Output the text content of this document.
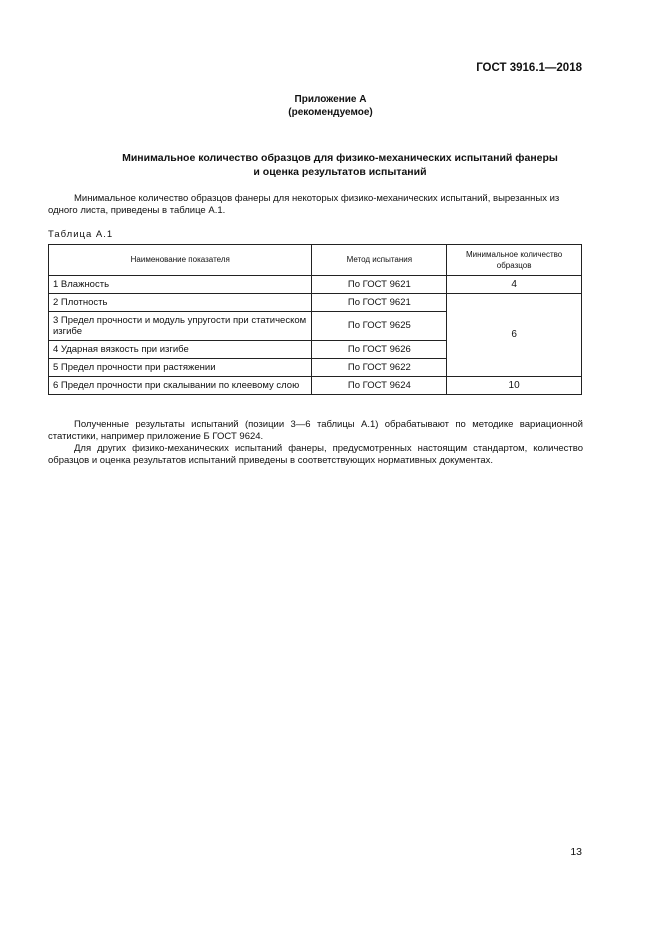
ГОСТ 3916.1—2018

Приложение А
(рекомендуемое)
Минимальное количество образцов для физико-механических испытаний фанеры
и оценка результатов испытаний

Минимальное количество образцов фанеры для некоторых физико-механических испытаний, вырезанных из одного листа, приведены в таблице А.1.

Таблица А.1

Наименование показателя	Метод испытания	Минимальное количество образцов
1 Влажность	По ГОСТ 9621	4
2 Плотность	По ГОСТ 9621	6
3 Предел прочности и модуль упругости при статическом изгибе	По ГОСТ 9625	
4 Ударная вязкость при изгибе	По ГОСТ 9626	
5 Предел прочности при растяжении	По ГОСТ 9622	
6 Предел прочности при скалывании по клеевому слою	По ГОСТ 9624	10

Полученные результаты испытаний (позиции 3—6 таблицы А.1) обрабатывают по методике вариационной статистики, например приложение Б ГОСТ 9624.

Для других физико-механических испытаний фанеры, предусмотренных настоящим стандартом, количество образцов и оценка результатов испытаний приведены в соответствующих нормативных документах.

13
